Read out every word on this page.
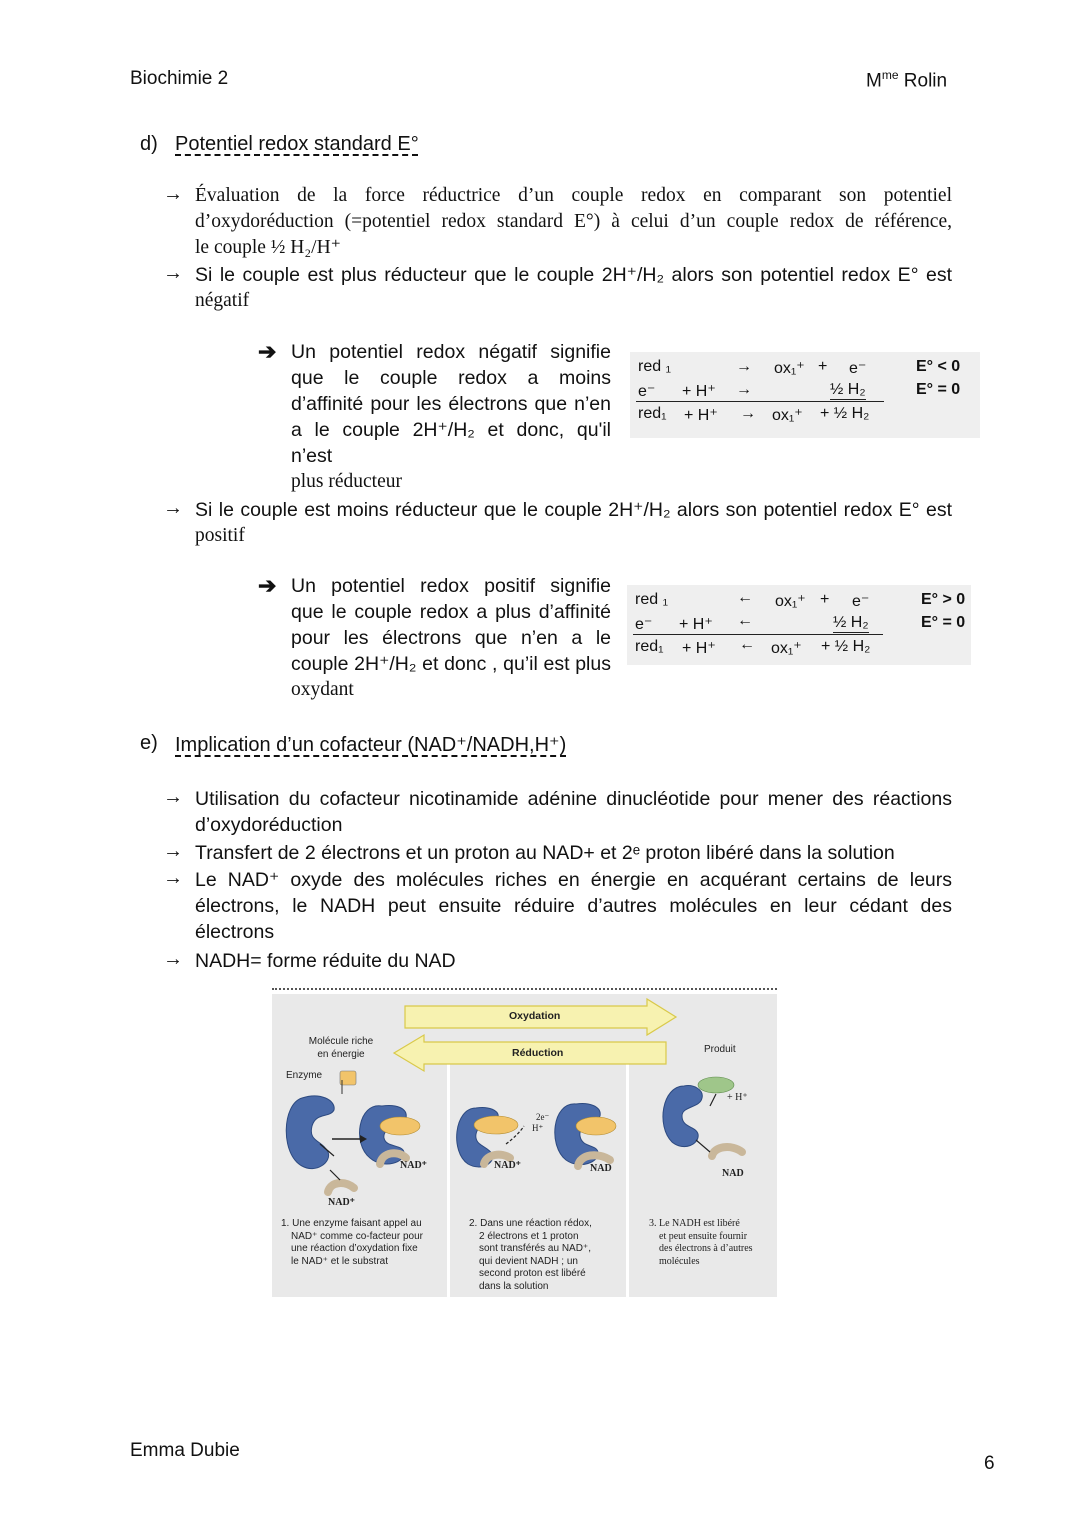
Biochimie 2	$M^{me}$ Rolin
d) Potentiel redox standard E°
→ Évaluation de la force réductrice d’un couple redox en comparant son potentiel
d’oxydoréduction (=potentiel redox standard E°) à celui d’un couple redox de référence,
le couple ½ H₂/H⁺
→ Si le couple est plus réducteur que le couple 2H⁺/H₂ alors son potentiel redox E° est
négatif
➔ Un potentiel redox négatif signifie
que le couple redox a moins
d’affinité pour les électrons que n’en
a le couple 2H⁺/H₂ et donc, qu'il n’est
plus réducteur
red ₁	→ ox₁⁺ + e⁻	E° < 0
e⁻ + H⁺ →	½ H₂	E° = 0
red₁ + H⁺ → ox₁⁺ + ½ H₂
→ Si le couple est moins réducteur que le couple 2H⁺/H₂ alors son potentiel redox E° est
positif
➔ Un potentiel redox positif signifie
que le couple redox a plus d’affinité
pour les électrons que n’en a le
couple 2H⁺/H₂ et donc , qu’il est plus
oxydant
red ₁	← ox₁⁺ + e⁻	E° > 0
e⁻ + H⁺ ←	½ H₂	E° = 0
red₁ + H⁺ ← ox₁⁺ + ½ H₂
e) Implication d’un cofacteur (NAD⁺/NADH,H⁺)
→ Utilisation du cofacteur nicotinamide adénine dinucléotide pour mener des réactions
d’oxydoréduction
→ Transfert de 2 électrons et un proton au NAD+ et 2ᵉ proton libéré dans la solution
→ Le NAD⁺ oxyde des molécules riches en énergie en acquérant certains de leurs
électrons, le NADH peut ensuite réduire d’autres molécules en leur cédant des
électrons
→ NADH= forme réduite du NAD
Oxydation
Réduction
Molécule riche
en énergie
Enzyme
Produit
+ H⁺
NAD⁺
NAD⁺
NAD⁺	NAD	NAD
2e⁻
H⁺
1. Une enzyme faisant appel au
NAD⁺ comme co-facteur pour
une réaction d’oxydation fixe
le NAD⁺ et le substrat
2. Dans une réaction rédox,
2 électrons et 1 proton
sont transférés au NAD⁺,
qui devient NADH ; un
second proton est libéré
dans la solution
3. Le NADH est libéré
et peut ensuite fournir
des électrons à d’autres
molécules
Emma Dubie
6
